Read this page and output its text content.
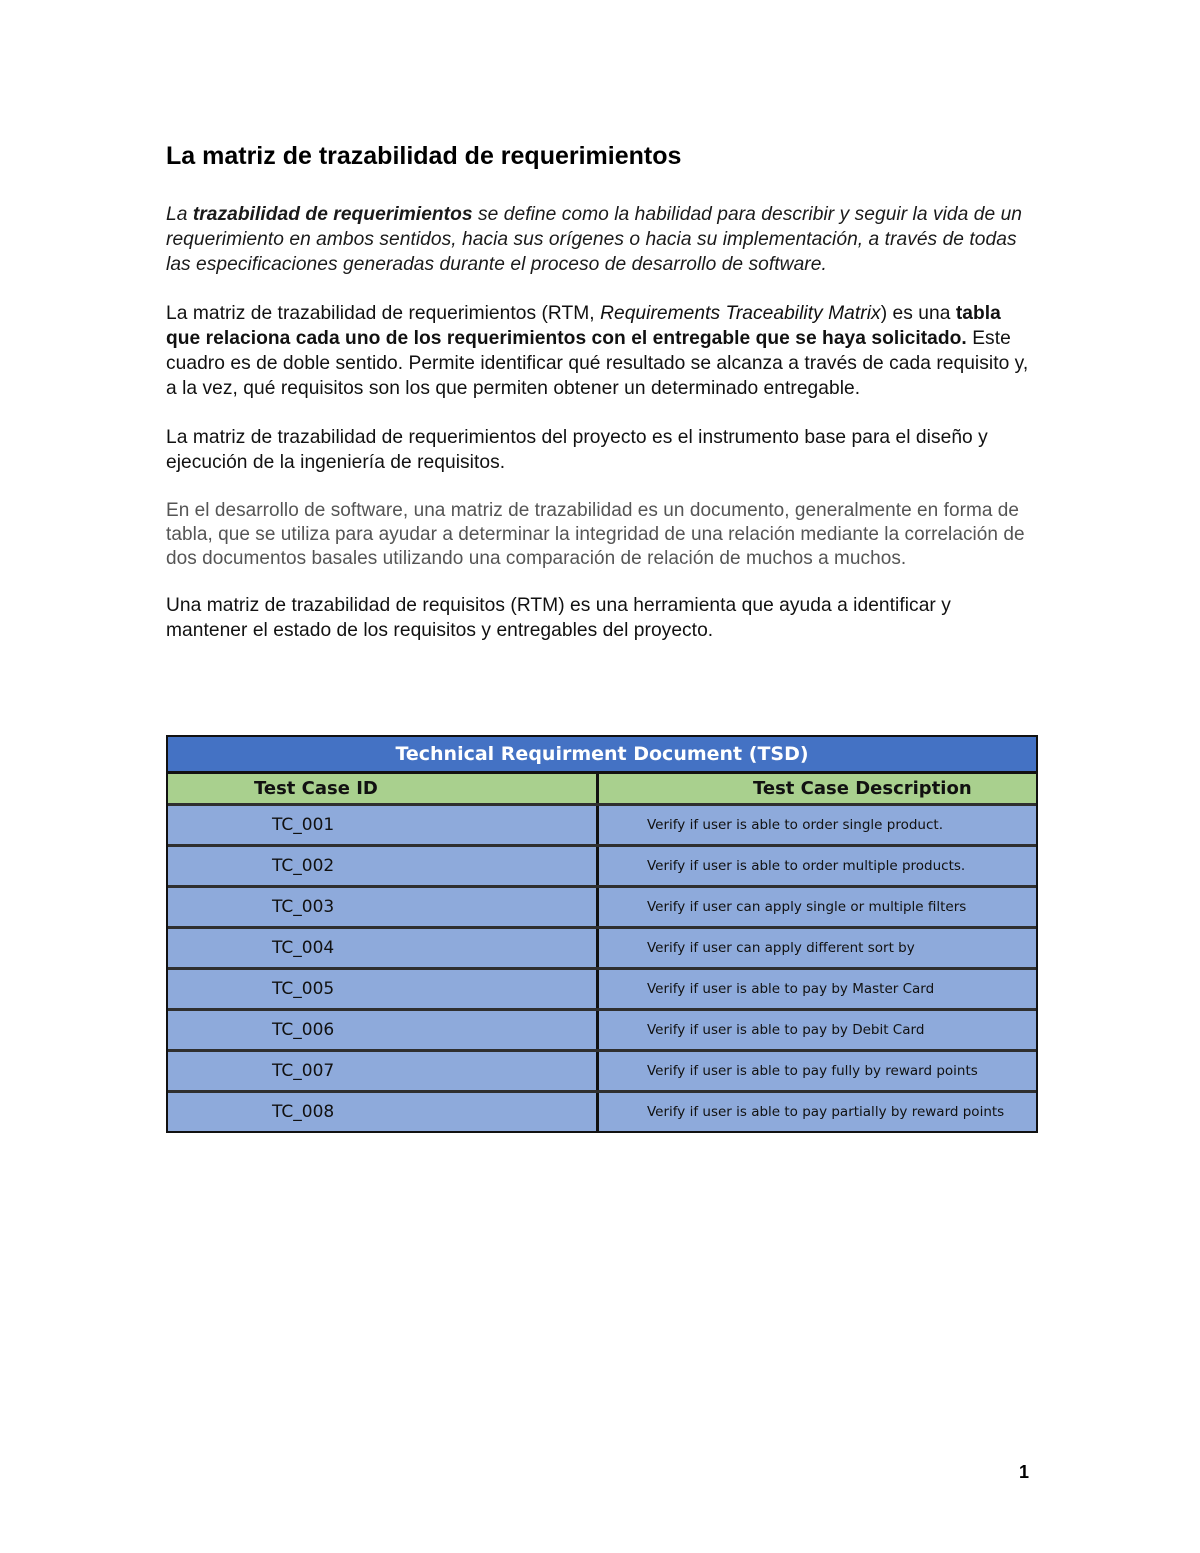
La matriz de trazabilidad de requerimientos

La trazabilidad de requerimientos se define como la habilidad para describir y seguir la vida de un requerimiento en ambos sentidos, hacia sus orígenes o hacia su implementación, a través de todas las especificaciones generadas durante el proceso de desarrollo de software.

La matriz de trazabilidad de requerimientos (RTM, Requirements Traceability Matrix) es una tabla que relaciona cada uno de los requerimientos con el entregable que se haya solicitado. Este cuadro es de doble sentido. Permite identificar qué resultado se alcanza a través de cada requisito y, a la vez, qué requisitos son los que permiten obtener un determinado entregable.

La matriz de trazabilidad de requerimientos del proyecto es el instrumento base para el diseño y ejecución de la ingeniería de requisitos.

En el desarrollo de software, una matriz de trazabilidad es un documento, generalmente en forma de tabla, que se utiliza para ayudar a determinar la integridad de una relación mediante la correlación de dos documentos basales utilizando una comparación de relación de muchos a muchos.

Una matriz de trazabilidad de requisitos (RTM) es una herramienta que ayuda a identificar y mantener el estado de los requisitos y entregables del proyecto.

Technical Requirment Document (TSD)
Test Case ID	Test Case Description
TC_001	Verify if user is able to order single product.
TC_002	Verify if user is able to order multiple products.
TC_003	Verify if user can apply single or multiple filters
TC_004	Verify if user can apply different sort by
TC_005	Verify if user is able to pay by Master Card
TC_006	Verify if user is able to pay by Debit Card
TC_007	Verify if user is able to pay fully by reward points
TC_008	Verify if user is able to pay partially by reward points
1
